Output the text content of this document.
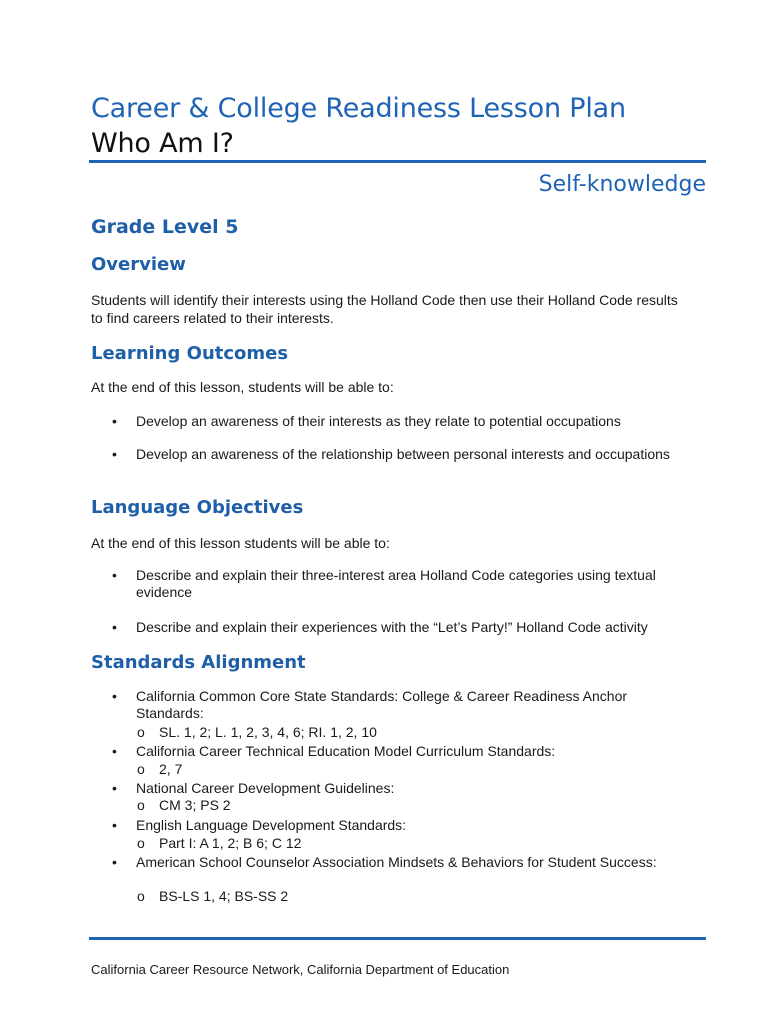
Career & College Readiness Lesson Plan
Who Am I?
Self-knowledge
Grade Level 5
Overview
Students will identify their interests using the Holland Code then use their Holland Code results to find careers related to their interests.
Learning Outcomes
At the end of this lesson, students will be able to:
•	Develop an awareness of their interests as they relate to potential occupations
•	Develop an awareness of the relationship between personal interests and occupations
Language Objectives
At the end of this lesson students will be able to:
•	Describe and explain their three-interest area Holland Code categories using textual evidence
•	Describe and explain their experiences with the “Let’s Party!” Holland Code activity
Standards Alignment
•	California Common Core State Standards: College & Career Readiness Anchor Standards:
o SL. 1, 2; L. 1, 2, 3, 4, 6; RI. 1, 2, 10
•	California Career Technical Education Model Curriculum Standards:
o 2, 7
•	National Career Development Guidelines:
o CM 3; PS 2
•	English Language Development Standards:
o Part I: A 1, 2; B 6; C 12
•	American School Counselor Association Mindsets & Behaviors for Student Success:
o BS-LS 1, 4; BS-SS 2
California Career Resource Network, California Department of Education
